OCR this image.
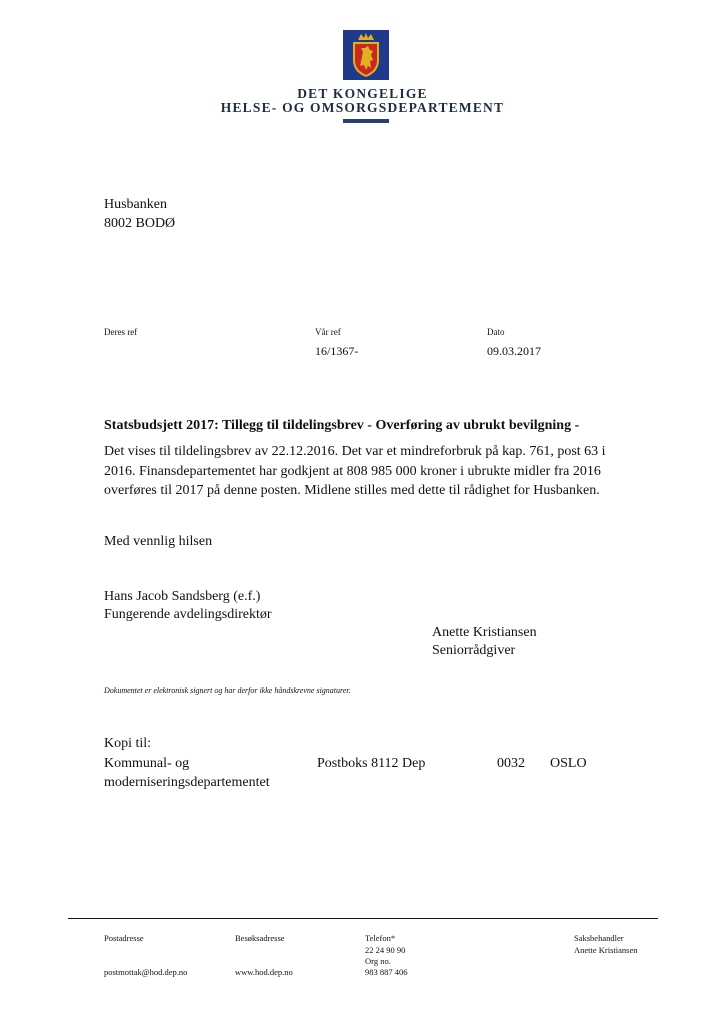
DET KONGELIGE
HELSE- OG OMSORGSDEPARTEMENT
Husbanken
8002 BODØ
Deres ref	Vår ref
16/1367-
Dato
09.03.2017
Statsbudsjett 2017: Tillegg til tildelingsbrev - Overføring av ubrukt bevilgning -
Det vises til tildelingsbrev av 22.12.2016. Det var et mindreforbruk på kap. 761, post 63 i 2016. Finansdepartementet har godkjent at 808 985 000 kroner i ubrukte midler fra 2016 overføres til 2017 på denne posten. Midlene stilles med dette til rådighet for Husbanken.
Med vennlig hilsen
Hans Jacob Sandsberg (e.f.)
Fungerende avdelingsdirektør
Anette Kristiansen
Seniorrådgiver
Dokumentet er elektronisk signert og har derfor ikke håndskrevne signaturer.
Kopi til:
Kommunal- og
moderniseringsdepartementet
Postboks 8112 Dep	0032 OSLO
Postadresse
postmottak@hod.dep.no
Besøksadresse
www.hod.dep.no
Telefon*
22 24 90 90
Org no.
983 887 406
Saksbehandler
Anette Kristiansen
